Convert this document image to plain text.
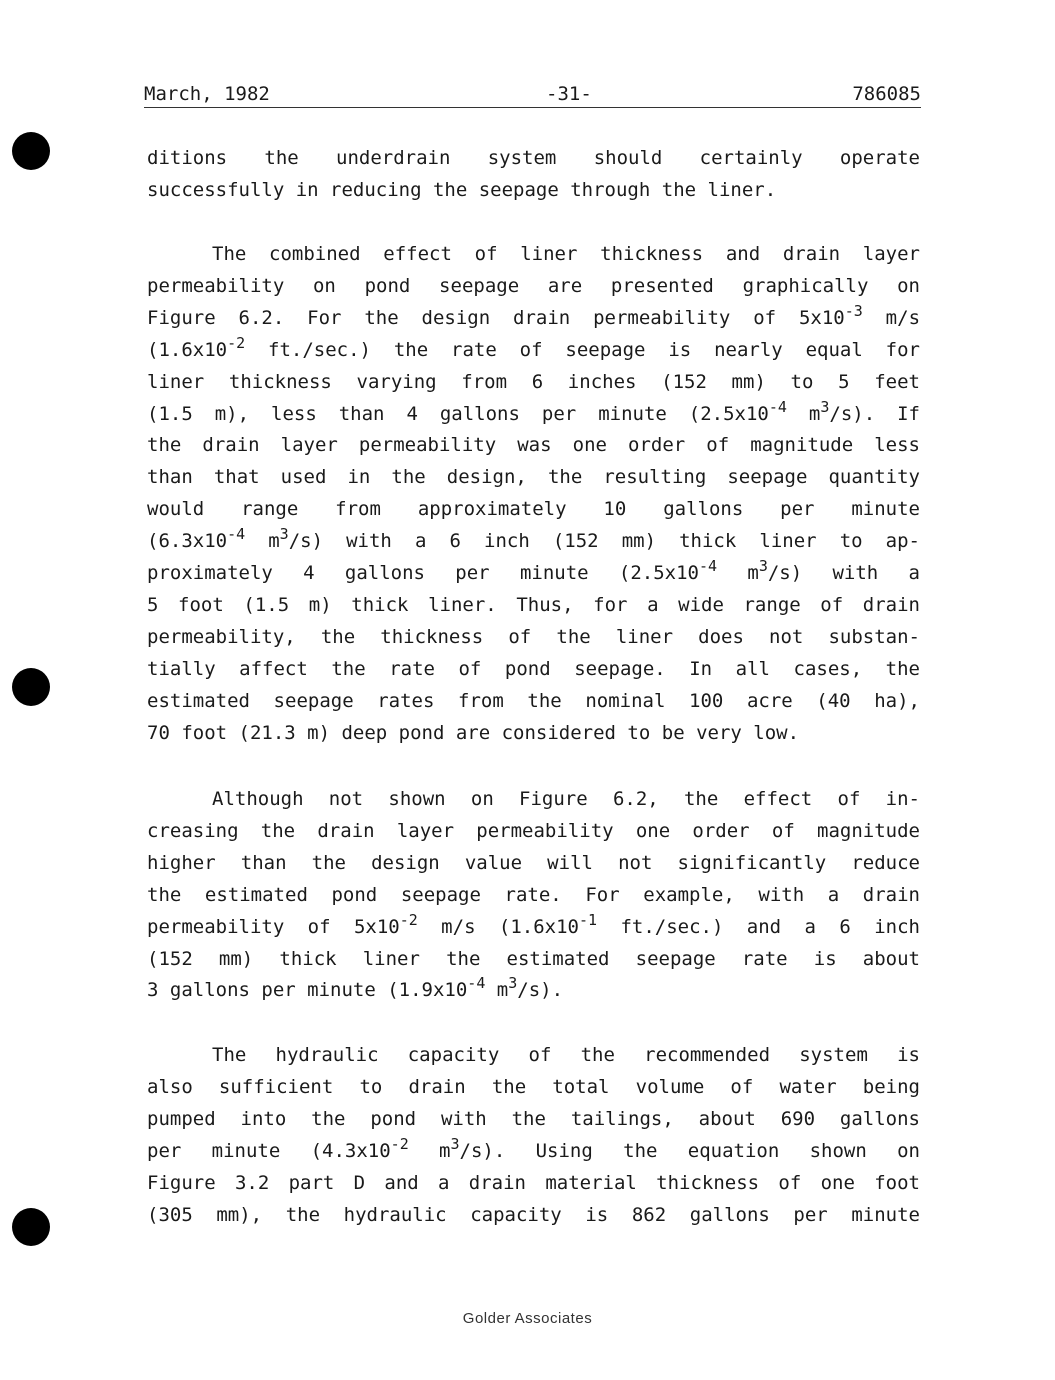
March, 1982	-31-	786085
ditions the underdrain system should certainly operate
successfully in reducing the seepage through the liner.
The combined effect of liner thickness and drain layer
permeability on pond seepage are presented graphically on
Figure 6.2. For the design drain permeability of $5x10^{-3}$ m/s
($1.6x10^{-2}$ ft./sec.) the rate of seepage is nearly equal for
liner thickness varying from 6 inches (152 mm) to 5 feet
(1.5 m), less than 4 gallons per minute ($2.5x10^{-4}$ $m^3/s$). If
the drain layer permeability was one order of magnitude less
than that used in the design, the resulting seepage quantity
would range from approximately 10 gallons per minute
($6.3x10^{-4}$ $m^3/s$) with a 6 inch (152 mm) thick liner to ap-
proximately 4 gallons per minute ($2.5x10^{-4}$ $m^3/s$) with a
5 foot (1.5 m) thick liner. Thus, for a wide range of drain
permeability, the thickness of the liner does not substan-
tially affect the rate of pond seepage. In all cases, the
estimated seepage rates from the nominal 100 acre (40 ha),
70 foot (21.3 m) deep pond are considered to be very low.
Although not shown on Figure 6.2, the effect of in-
creasing the drain layer permeability one order of magnitude
higher than the design value will not significantly reduce
the estimated pond seepage rate. For example, with a drain
permeability of $5x10^{-2}$ m/s ($1.6x10^{-1}$ ft./sec.) and a 6 inch
(152 mm) thick liner the estimated seepage rate is about
3 gallons per minute ($1.9x10^{-4}$ $m^3/s$).
The hydraulic capacity of the recommended system is
also sufficient to drain the total volume of water being
pumped into the pond with the tailings, about 690 gallons
per minute ($4.3x10^{-2}$ $m^3/s$). Using the equation shown on
Figure 3.2 part D and a drain material thickness of one foot
(305 mm), the hydraulic capacity is 862 gallons per minute
Golder Associates
